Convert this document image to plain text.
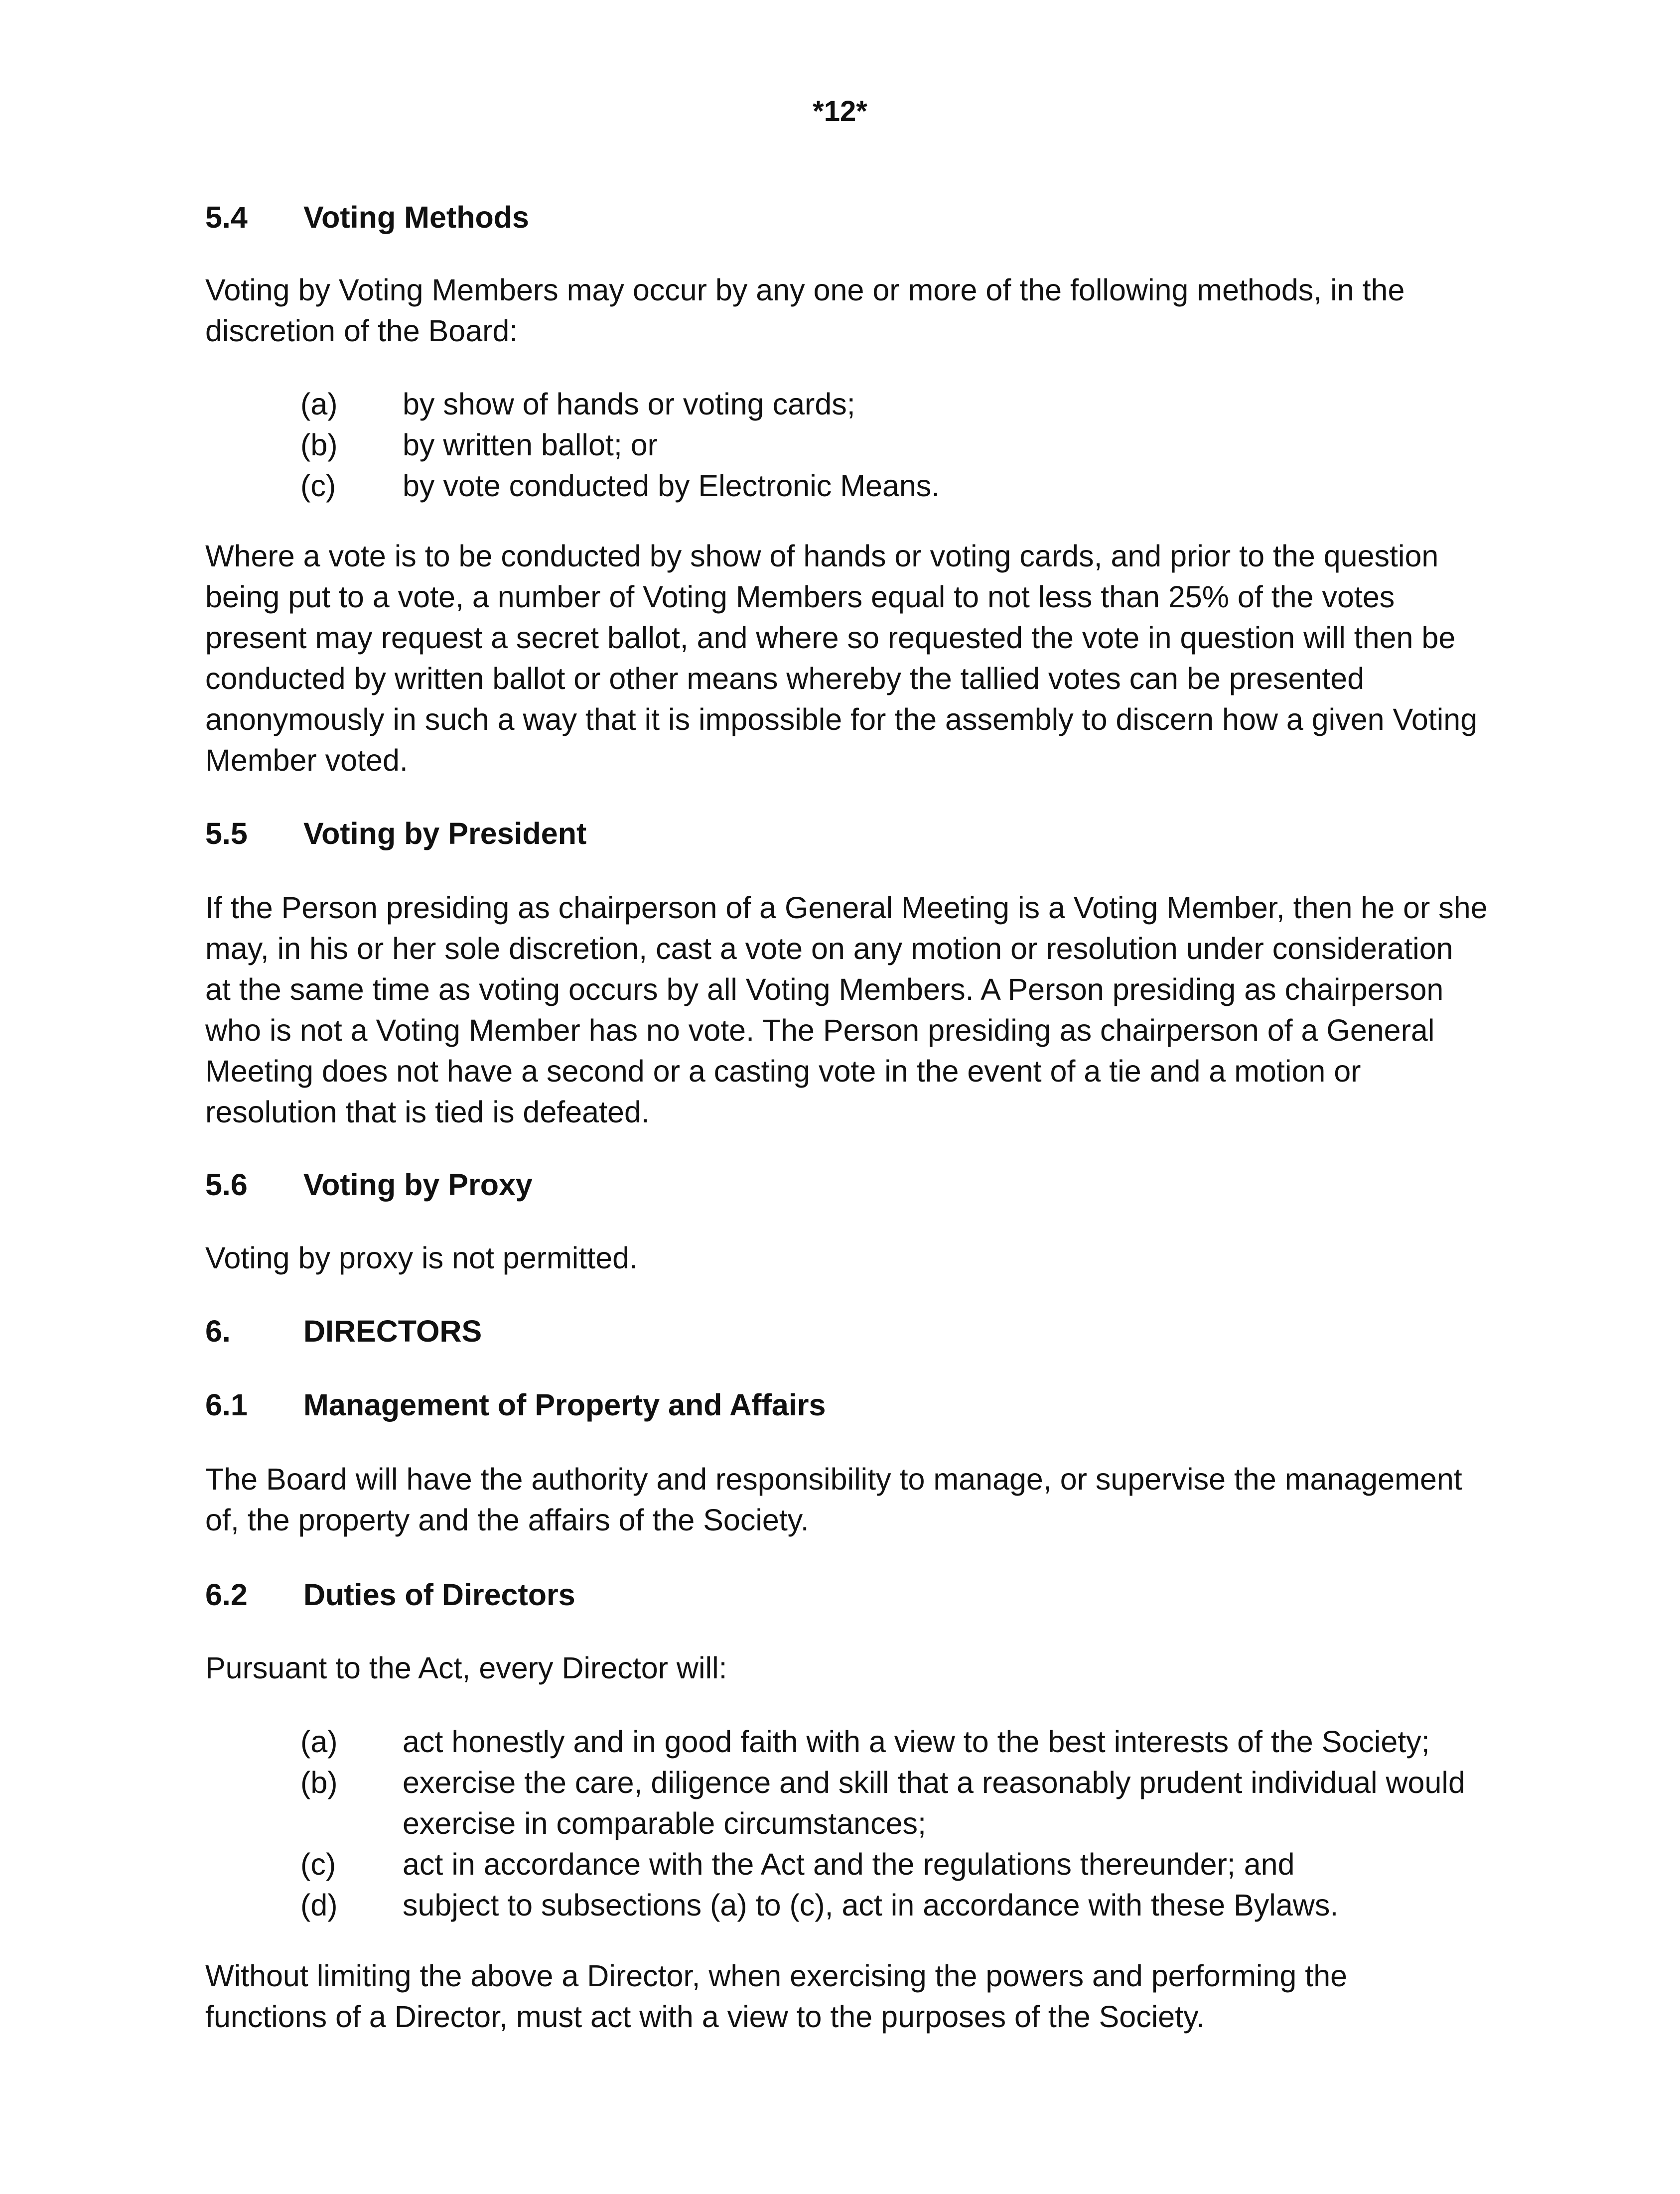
*12*
5.4	Voting Methods
Voting by Voting Members may occur by any one or more of the following methods, in the
discretion of the Board:
(a)	by show of hands or voting cards;
(b)	by written ballot; or
(c)	by vote conducted by Electronic Means.
Where a vote is to be conducted by show of hands or voting cards, and prior to the question
being put to a vote, a number of Voting Members equal to not less than 25% of the votes
present may request a secret ballot, and where so requested the vote in question will then be
conducted by written ballot or other means whereby the tallied votes can be presented
anonymously in such a way that it is impossible for the assembly to discern how a given Voting
Member voted.
5.5	Voting by President
If the Person presiding as chairperson of a General Meeting is a Voting Member, then he or she
may, in his or her sole discretion, cast a vote on any motion or resolution under consideration
at the same time as voting occurs by all Voting Members. A Person presiding as chairperson
who is not a Voting Member has no vote. The Person presiding as chairperson of a General
Meeting does not have a second or a casting vote in the event of a tie and a motion or
resolution that is tied is defeated.
5.6	Voting by Proxy
Voting by proxy is not permitted.
6.	DIRECTORS
6.1	Management of Property and Affairs
The Board will have the authority and responsibility to manage, or supervise the management
of, the property and the affairs of the Society.
6.2	Duties of Directors
Pursuant to the Act, every Director will:
(a)	act honestly and in good faith with a view to the best interests of the Society;
(b)	exercise the care, diligence and skill that a reasonably prudent individual would
exercise in comparable circumstances;
(c)	act in accordance with the Act and the regulations thereunder; and
(d)	subject to subsections (a) to (c), act in accordance with these Bylaws.
Without limiting the above a Director, when exercising the powers and performing the
functions of a Director, must act with a view to the purposes of the Society.
